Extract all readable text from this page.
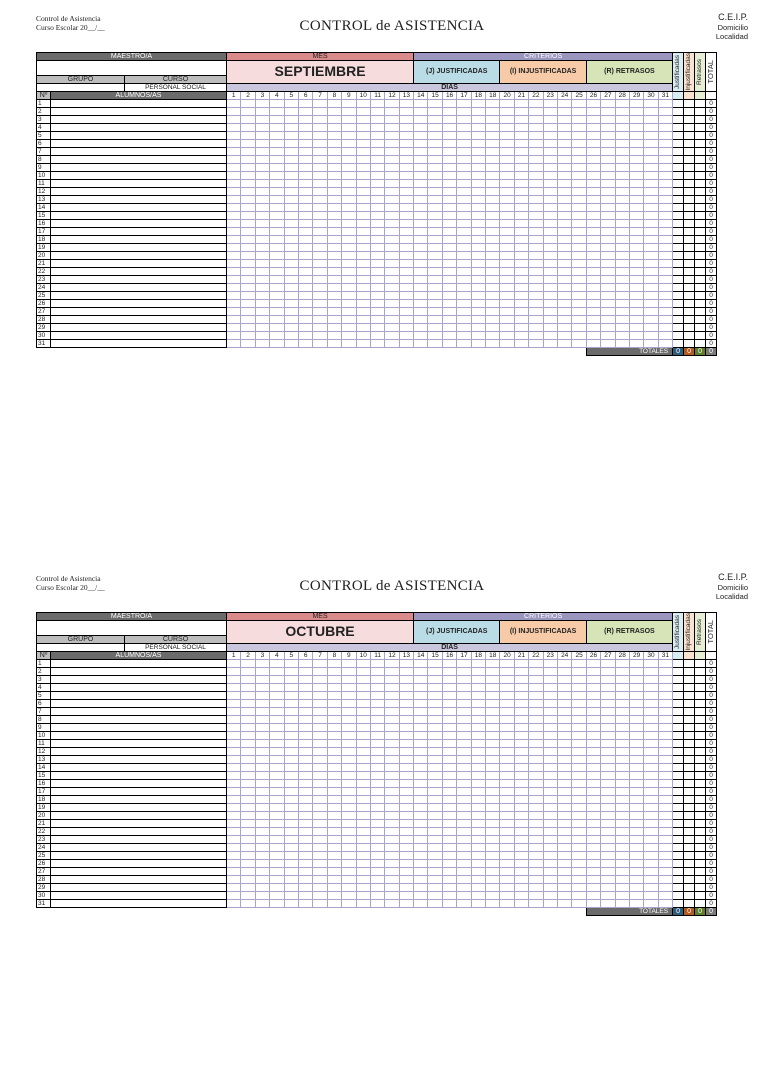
Control de Asistencia
Curso Escolar 20__/__	CONTROL de ASISTENCIA
C.E.I.P.
Domicilio
Localidad
MAESTRO/A			MES													CRITERIOS																		Justificadas	Injustificadas	Retrasos	TOTAL

			SEPTIEMBRE													(J) JUSTIFICADAS						(I) INJUSTIFICADAS						(R) RETRASOS									
GRUPO		CURSO																																			
		PERSONAL SOCIAL	DÍAS																																		
Nº	ALUMNOS/AS		1	2	3	4	5	6	7	8	9	10	11	12	13	14	15	16	17	18	18	20	21	22	23	24	25	26	27	28	29	30	31				
1																																					0
2																																					0
3																																					0
4																																					0
5																																					0
6																																					0
7																																					0
8																																					0
9																																					0
10																																					0
11																																					0
12																																					0
13																																					0
14																																					0
15																																					0
16																																					0
17																																					0
18																																					0
19																																					0
20																																					0
21																																					0
22																																					0
23																																					0
24																																					0
25																																					0
26																																					0
27																																					0
28																																					0
29																																					0
30																																					0
31																																					0
																												TOTALES						0	0	0	0
Control de Asistencia
Curso Escolar 20__/__	CONTROL de ASISTENCIA
C.E.I.P.
Domicilio
Localidad
MAESTRO/A			MES													CRITERIOS																		Justificadas	Injustificadas	Retrasos	TOTAL

			OCTUBRE													(J) JUSTIFICADAS						(I) INJUSTIFICADAS						(R) RETRASOS									
GRUPO		CURSO																																			
		PERSONAL SOCIAL	DÍAS																																		
Nº	ALUMNOS/AS		1	2	3	4	5	6	7	8	9	10	11	12	13	14	15	16	17	18	18	20	21	22	23	24	25	26	27	28	29	30	31				
1																																					0
2																																					0
3																																					0
4																																					0
5																																					0
6																																					0
7																																					0
8																																					0
9																																					0
10																																					0
11																																					0
12																																					0
13																																					0
14																																					0
15																																					0
16																																					0
17																																					0
18																																					0
19																																					0
20																																					0
21																																					0
22																																					0
23																																					0
24																																					0
25																																					0
26																																					0
27																																					0
28																																					0
29																																					0
30																																					0
31																																					0
																												TOTALES						0	0	0	0
